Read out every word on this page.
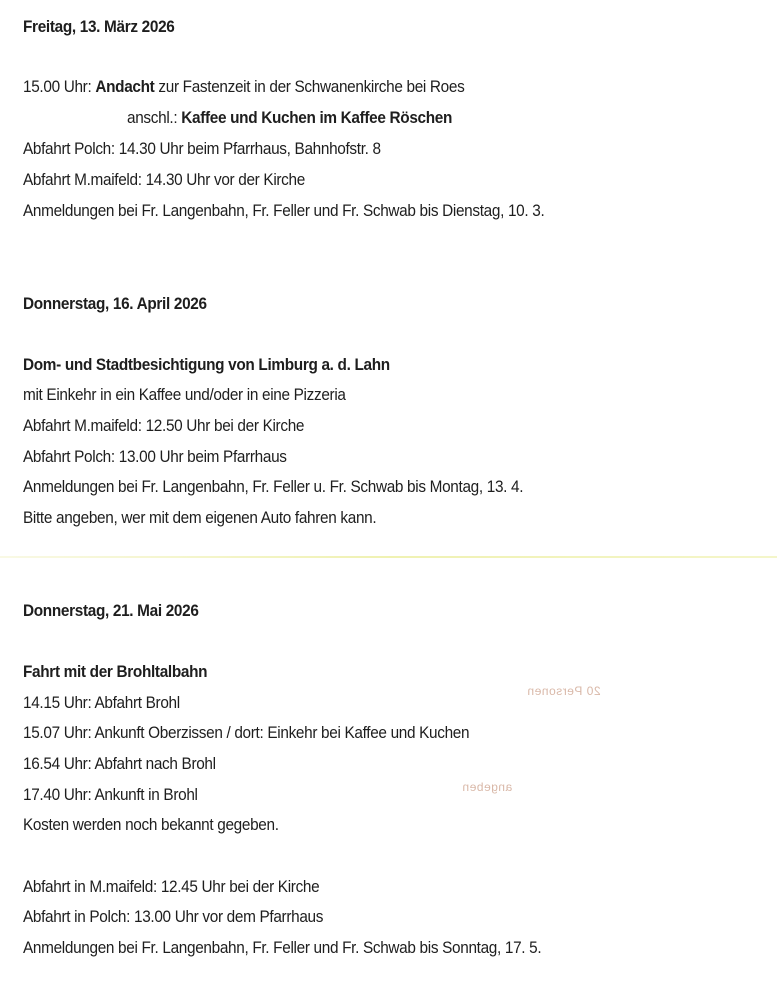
Freitag, 13. März 2026
15.00 Uhr: Andacht zur Fastenzeit in der Schwanenkirche bei Roes
anschl.: Kaffee und Kuchen im Kaffee Röschen
Abfahrt Polch: 14.30 Uhr beim Pfarrhaus, Bahnhofstr. 8
Abfahrt M.maifeld: 14.30 Uhr vor der Kirche
Anmeldungen bei Fr. Langenbahn, Fr. Feller und Fr. Schwab bis Dienstag, 10. 3.
Donnerstag, 16. April 2026
Dom- und Stadtbesichtigung von Limburg a. d. Lahn
mit Einkehr in ein Kaffee und/oder in eine Pizzeria
Abfahrt M.maifeld: 12.50 Uhr bei der Kirche
Abfahrt Polch: 13.00 Uhr beim Pfarrhaus
Anmeldungen bei Fr. Langenbahn, Fr. Feller u. Fr. Schwab bis Montag, 13. 4.
Bitte angeben, wer mit dem eigenen Auto fahren kann.
Donnerstag, 21. Mai 2026
Fahrt mit der Brohltalbahn
14.15 Uhr: Abfahrt Brohl
15.07 Uhr: Ankunft Oberzissen / dort: Einkehr bei Kaffee und Kuchen
16.54 Uhr: Abfahrt nach Brohl
17.40 Uhr: Ankunft in Brohl
Kosten werden noch bekannt gegeben.
Abfahrt in M.maifeld: 12.45 Uhr bei der Kirche
Abfahrt in Polch: 13.00 Uhr vor dem Pfarrhaus
Anmeldungen bei Fr. Langenbahn, Fr. Feller und Fr. Schwab bis Sonntag, 17. 5.
20 Personen
angeben
